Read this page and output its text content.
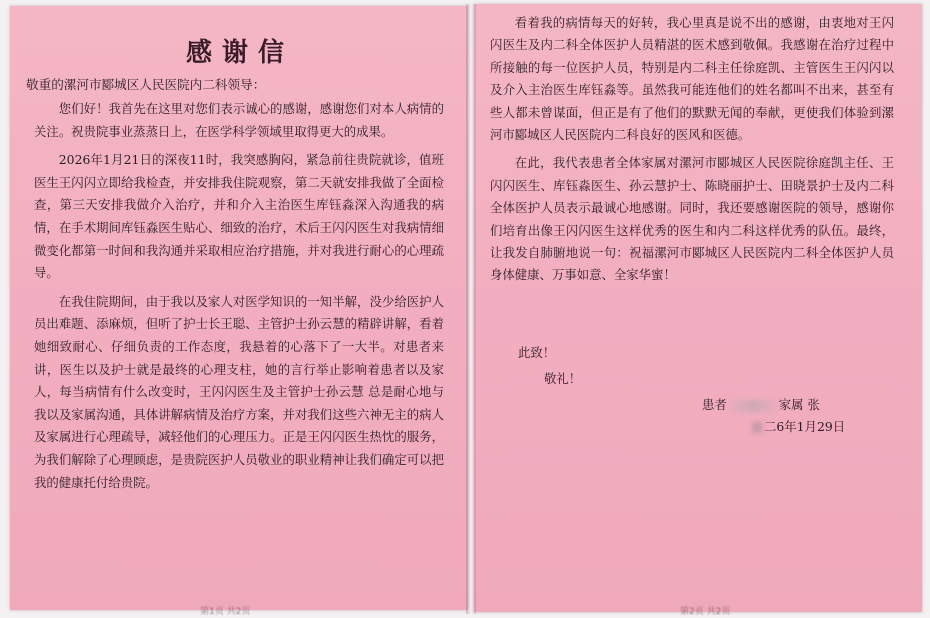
感谢信

敬重的漯河市郾城区人民医院内二科领导：

您们好！我首先在这里对您们表示诚心的感谢，感谢您们对本人病情的关注。祝贵院事业蒸蒸日上，在医学科学领域里取得更大的成果。

2026年1月21日的深夜11时，我突感胸闷，紧急前往贵院就诊，值班医生王闪闪立即给我检查，并安排我住院观察，第二天就安排我做了全面检查，第三天安排我做介入治疗，并和介入主治医生库钰淼深入沟通我的病情，在手术期间库钰淼医生贴心、细致的治疗，术后王闪闪医生对我病情细微变化都第一时间和我沟通并采取相应治疗措施，并对我进行耐心的心理疏导。

在我住院期间，由于我以及家人对医学知识的一知半解，没少给医护人员出难题、添麻烦，但听了护士长王聪、主管护士孙云慧的精辟讲解，看着她细致耐心、仔细负责的工作态度，我悬着的心落下了一大半。对患者来讲，医生以及护士就是最终的心理支柱，她的言行举止影响着患者以及家人，每当病情有什么改变时，王闪闪医生及主管护士孙云慧 总是耐心地与我以及家属沟通，具体讲解病情及治疗方案，并对我们这些六神无主的病人及家属进行心理疏导，减轻他们的心理压力。正是王闪闪医生热忱的服务，为我们解除了心理顾虑，是贵院医护人员敬业的职业精神让我们确定可以把我的健康托付给贵院。

看着我的病情每天的好转，我心里真是说不出的感谢，由衷地对王闪闪医生及内二科全体医护人员精湛的医术感到敬佩。我感谢在治疗过程中所接触的每一位医护人员，特别是内二科主任徐庭凯、主管医生王闪闪以及介入主治医生库钰淼等。虽然我可能连他们的姓名都叫不出来，甚至有些人都未曾谋面，但正是有了他们的默默无闻的奉献，更使我们体验到漯河市郾城区人民医院内二科良好的医风和医德。

在此，我代表患者全体家属对漯河市郾城区人民医院徐庭凯主任、王闪闪医生、库钰淼医生、孙云慧护士、陈晓丽护士、田晓景护士及内二科全体医护人员表示最诚心地感谢。同时，我还要感谢医院的领导，感谢你们培育出像王闪闪医生这样优秀的医生和内二科这样优秀的队伍。最终，让我发自肺腑地说一句：祝福漯河市郾城区人民医院内二科全体医护人员身体健康、万事如意、全家华蜜！

此致！

敬礼！

患者	家属 张
二6年1月29日
第1页 共2页	第2页 共2页
